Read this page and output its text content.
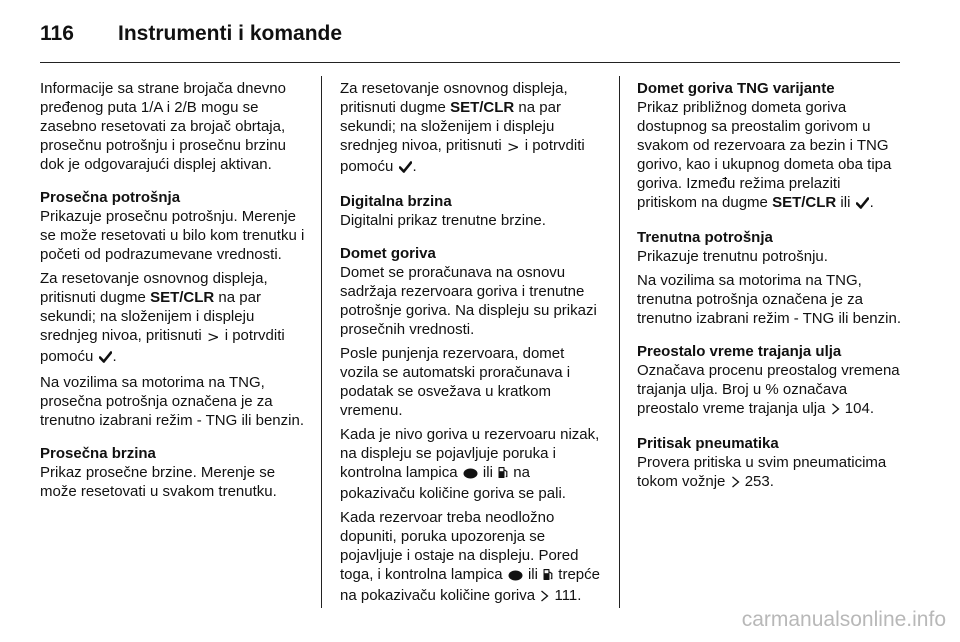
116	Instrumenti i komande

Informacije sa strane brojača dnevno pređenog puta 1/A i 2/B mogu se zasebno resetovati za brojač obrtaja, prosečnu potrošnju i prosečnu brzinu dok je odgovarajući displej aktivan.

Prosečna potrošnja

Prikazuje prosečnu potrošnju. Merenje se može resetovati u bilo kom trenutku i početi od podrazumevane vrednosti.

Za resetovanje osnovnog displeja, pritisnuti dugme SET/CLR na par sekundi; na složenijem i displeju srednjeg nivoa, pritisnuti > i potrvditi pomoću .

Na vozilima sa motorima na TNG, prosečna potrošnja označena je za trenutno izabrani režim - TNG ili benzin.

Prosečna brzina

Prikaz prosečne brzine. Merenje se može resetovati u svakom trenutku.

Za resetovanje osnovnog displeja, pritisnuti dugme SET/CLR na par sekundi; na složenijem i displeju srednjeg nivoa, pritisnuti > i potrvditi pomoću .

Digitalna brzina

Digitalni prikaz trenutne brzine.

Domet goriva

Domet se proračunava na osnovu sadržaja rezervoara goriva i trenutne potrošnje goriva. Na displeju su prikazi prosečnih vrednosti.

Posle punjenja rezervoara, domet vozila se automatski proračunava i podatak se osvežava u kratkom vremenu.

Kada je nivo goriva u rezervoaru nizak, na displeju se pojavljuje poruka i kontrolna lampica ili na pokazivaču količine goriva se pali.

Kada rezervoar treba neodložno dopuniti, poruka upozorenja se pojavljuje i ostaje na displeju. Pored toga, i kontrolna lampica ili trepće na pokazivaču količine goriva 111.

Domet goriva TNG varijante

Prikaz približnog dometa goriva dostupnog sa preostalim gorivom u svakom od rezervoara za bezin i TNG gorivo, kao i ukupnog dometa oba tipa goriva. Između režima prelaziti pritiskom na dugme SET/CLR ili .

Trenutna potrošnja

Prikazuje trenutnu potrošnju.

Na vozilima sa motorima na TNG, trenutna potrošnja označena je za trenutno izabrani režim - TNG ili benzin.

Preostalo vreme trajanja ulja

Označava procenu preostalog vremena trajanja ulja. Broj u % označava preostalo vreme trajanja ulja 104.

Pritisak pneumatika

Provera pritiska u svim pneumaticima tokom vožnje 253.

carmanualsonline.info
